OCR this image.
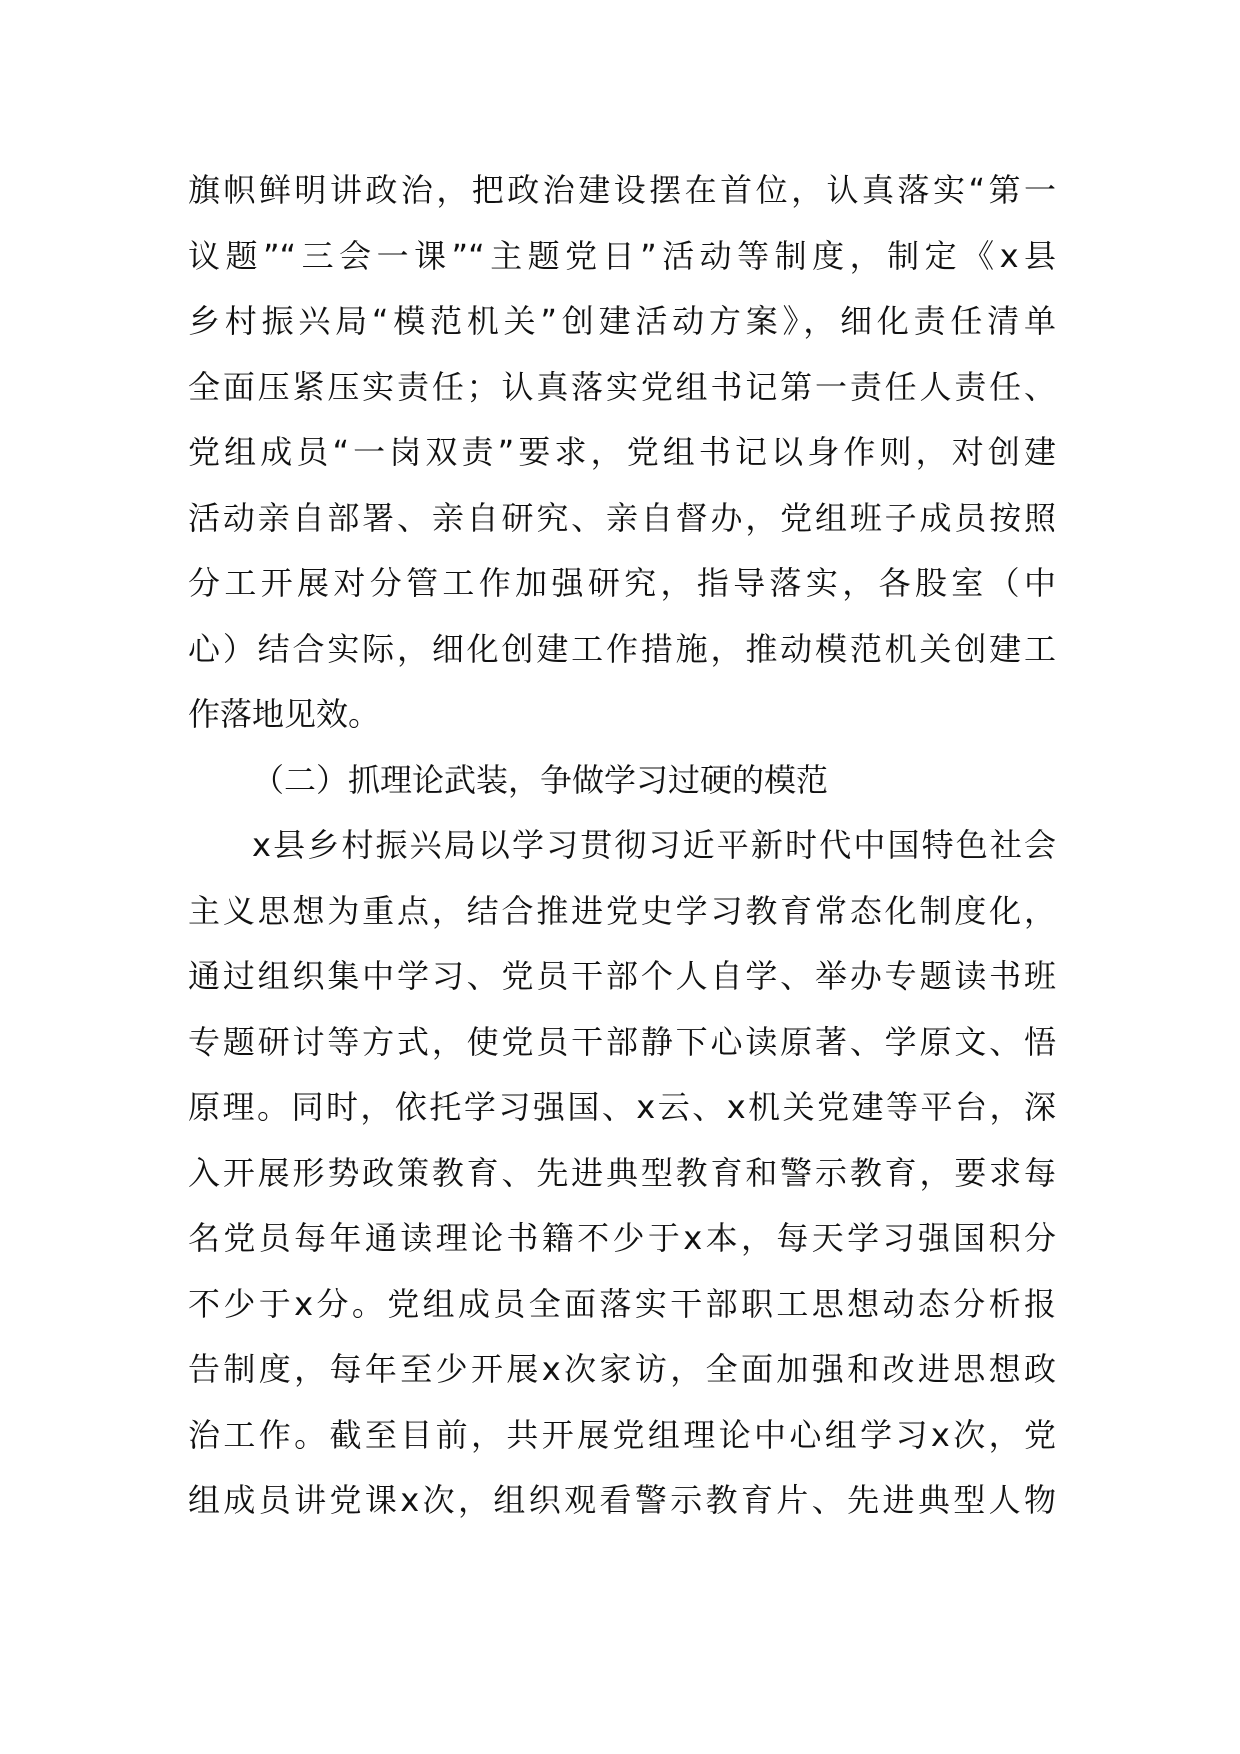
旗帜鲜明讲政治，把政治建设摆在首位，认真落实“第一
议题”“三会一课”“主题党日”活动等制度，制定《x县
乡村振兴局“模范机关”创建活动方案》，细化责任清单
全面压紧压实责任；认真落实党组书记第一责任人责任、
党组成员“一岗双责”要求，党组书记以身作则，对创建
活动亲自部署、亲自研究、亲自督办，党组班子成员按照
分工开展对分管工作加强研究，指导落实，各股室（中
心）结合实际，细化创建工作措施，推动模范机关创建工
作落地见效。
（二）抓理论武装，争做学习过硬的模范
x县乡村振兴局以学习贯彻习近平新时代中国特色社会
主义思想为重点，结合推进党史学习教育常态化制度化，
通过组织集中学习、党员干部个人自学、举办专题读书班
专题研讨等方式，使党员干部静下心读原著、学原文、悟
原理。同时，依托学习强国、x云、x机关党建等平台，深
入开展形势政策教育、先进典型教育和警示教育，要求每
名党员每年通读理论书籍不少于x本，每天学习强国积分
不少于x分。党组成员全面落实干部职工思想动态分析报
告制度，每年至少开展x次家访，全面加强和改进思想政
治工作。截至目前，共开展党组理论中心组学习x次，党
组成员讲党课x次，组织观看警示教育片、先进典型人物
